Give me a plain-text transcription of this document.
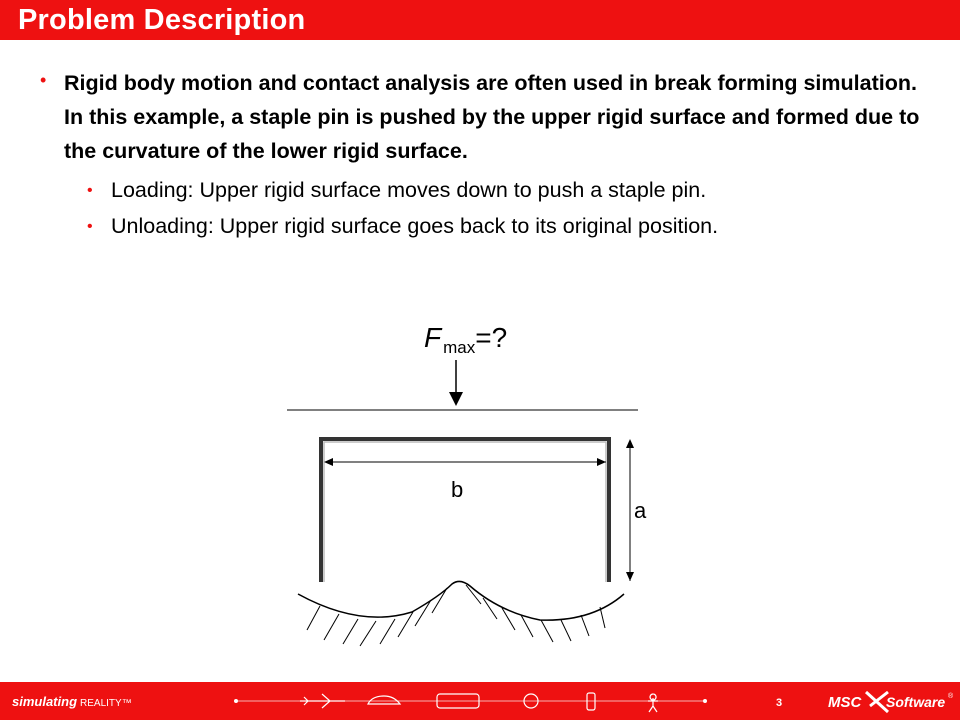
Problem Description
• Rigid body motion and contact analysis are often used in break forming simulation. In this example, a staple pin is pushed by the upper rigid surface and formed due to the curvature of the lower rigid surface.
• Loading: Upper rigid surface moves down to push a staple pin.
• Unloading: Upper rigid surface goes back to its original position.
F $_{max}$=?
b
a
simulating REALITY™	3	MSC Software ®
